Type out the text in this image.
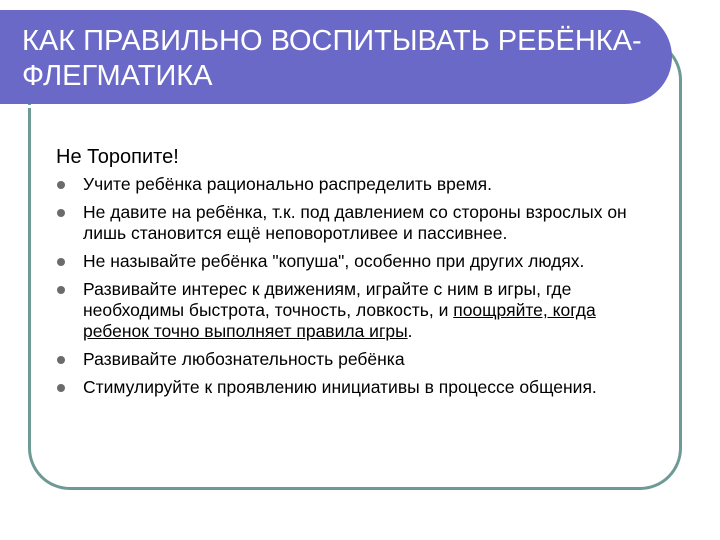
КАК ПРАВИЛЬНО ВОСПИТЫВАТЬ РЕБЁНКА-ФЛЕГМАТИКА
Не Торопите!
Учите ребёнка рационально распределить время.
Не давите на ребёнка, т.к. под давлением со стороны взрослых он лишь становится ещё неповоротливее и пассивнее.
Не называйте ребёнка "копуша", особенно при других людях.
Развивайте интерес к движениям, играйте с ним в игры, где необходимы быстрота, точность, ловкость, и поощряйте, когда ребенок точно выполняет правила игры.
Развивайте любознательность ребёнка
Стимулируйте к проявлению инициативы в процессе общения.
